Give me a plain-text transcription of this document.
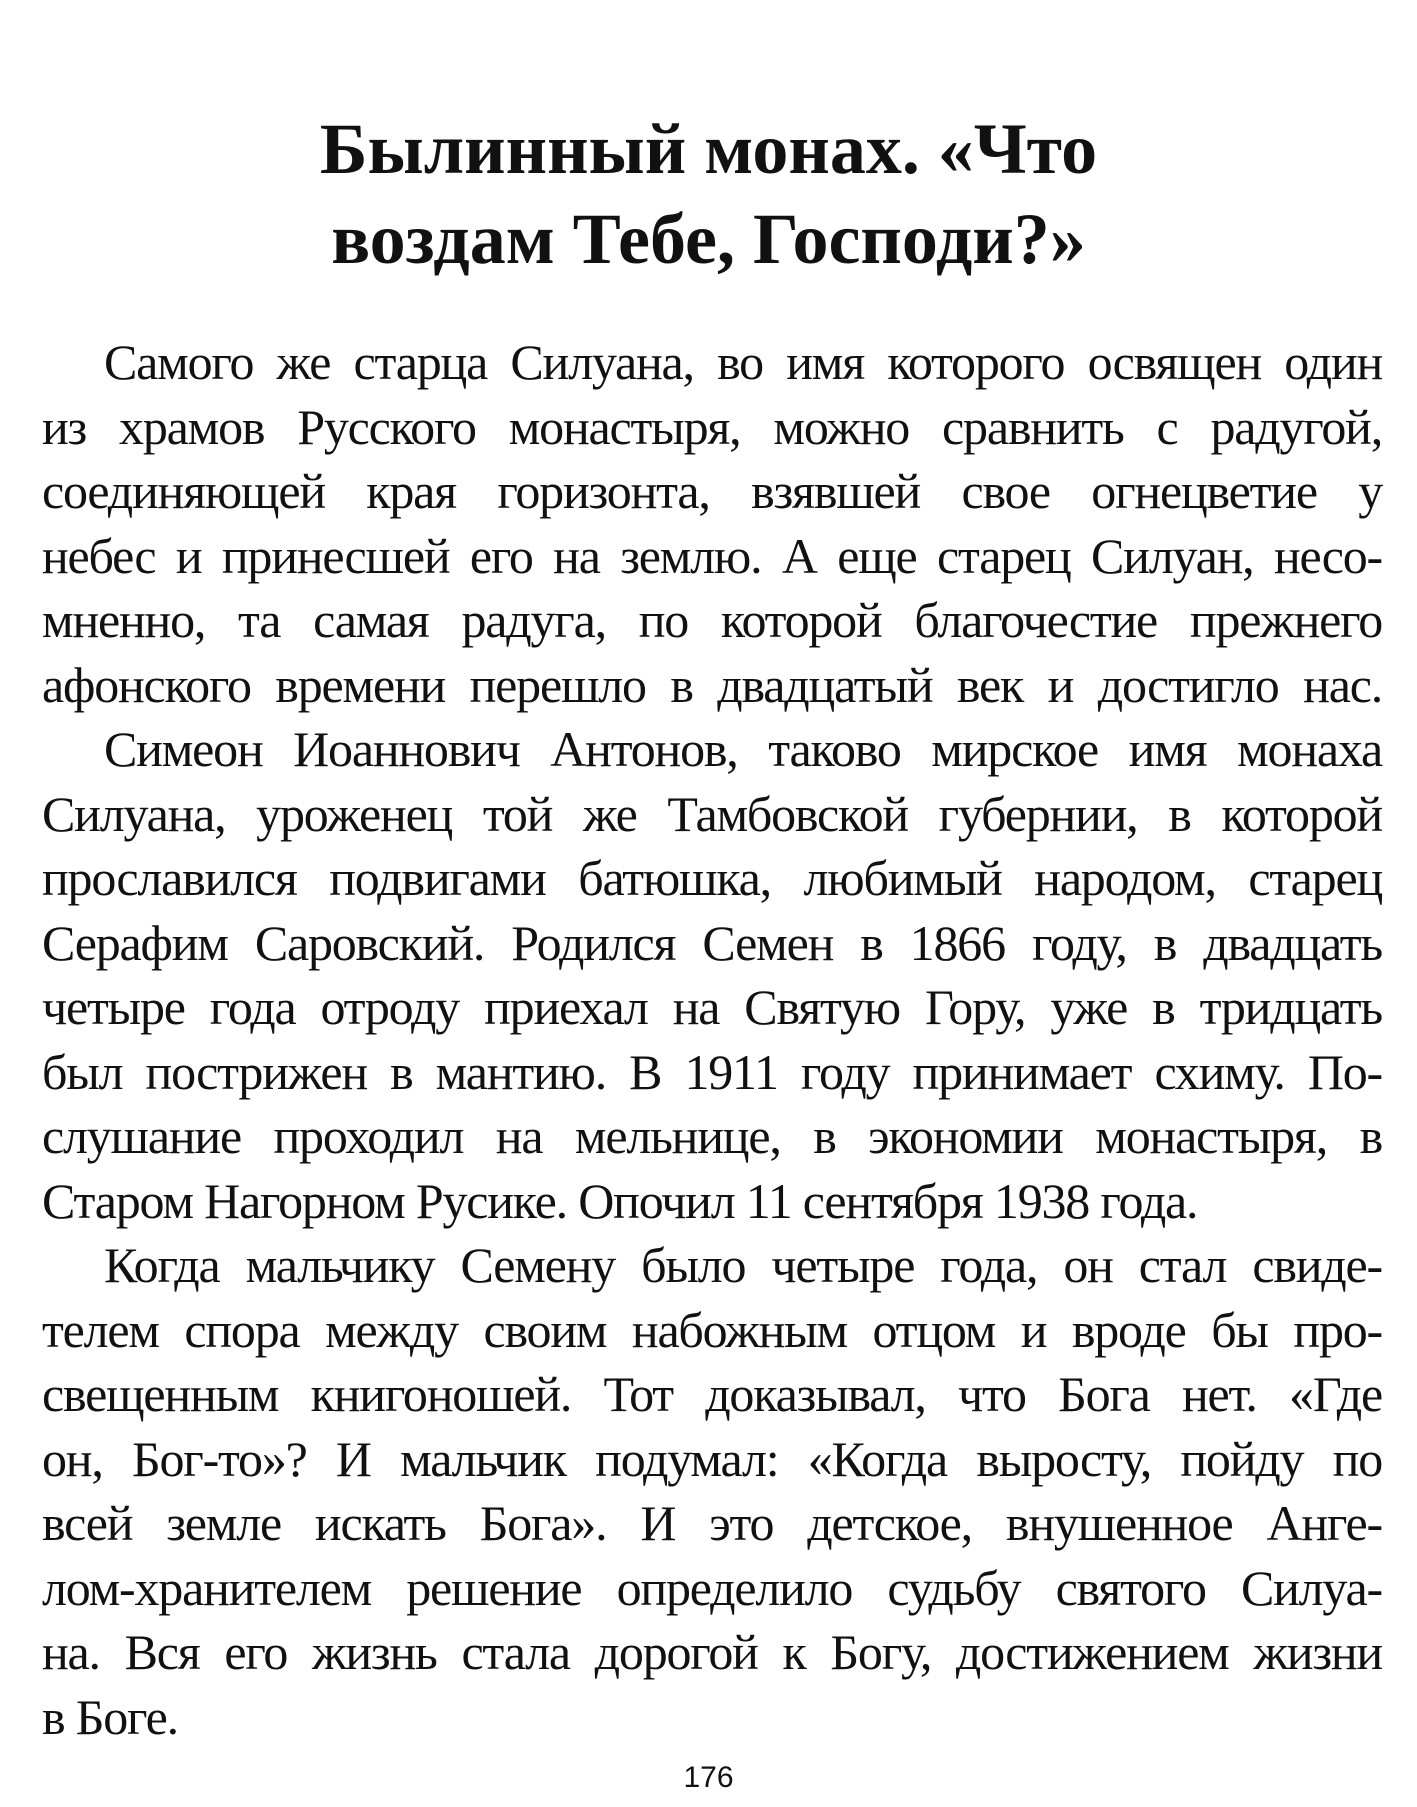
Былинный монах. «Что
воздам Тебе, Господи?»
Самого же старца Силуана, во имя которого освящен один
из храмов Русского монастыря, можно сравнить с радугой,
соединяющей края горизонта, взявшей свое огнецветие у
небес и принесшей его на землю. А еще старец Силуан, несо-
мненно, та самая радуга, по которой благочестие прежнего
афонского времени перешло в двадцатый век и достигло нас.
Симеон Иоаннович Антонов, таково мирское имя монаха
Силуана, уроженец той же Тамбовской губернии, в которой
прославился подвигами батюшка, любимый народом, старец
Серафим Саровский. Родился Семен в 1866 году, в двадцать
четыре года отроду приехал на Святую Гору, уже в тридцать
был пострижен в мантию. В 1911 году принимает схиму. По-
слушание проходил на мельнице, в экономии монастыря, в
Старом Нагорном Русике. Опочил 11 сентября 1938 года.
Когда мальчику Семену было четыре года, он стал свиде-
телем спора между своим набожным отцом и вроде бы про-
свещенным книгоношей. Тот доказывал, что Бога нет. «Где
он, Бог-то»? И мальчик подумал: «Когда выросту, пойду по
всей земле искать Бога». И это детское, внушенное Анге-
лом-хранителем решение определило судьбу святого Силуа-
на. Вся его жизнь стала дорогой к Богу, достижением жизни
в Боге.
176
